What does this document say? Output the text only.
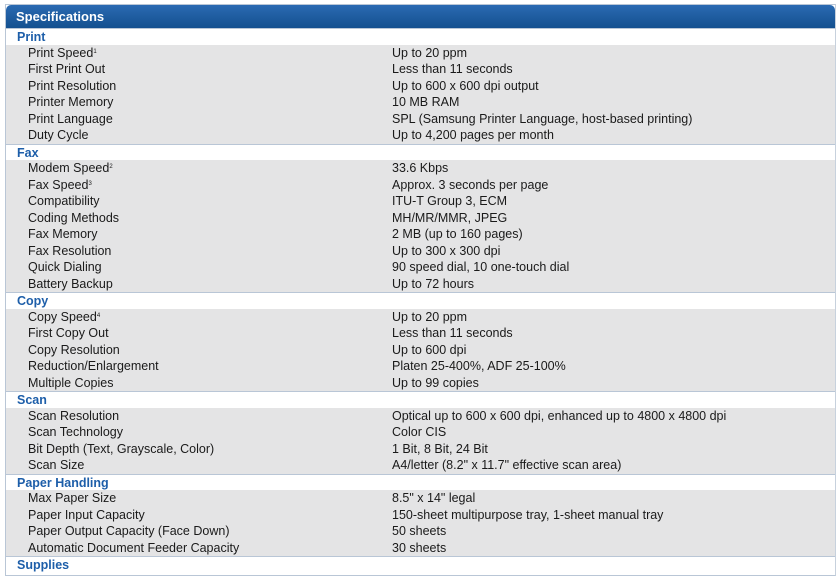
Specifications
Print
Print Speed$^1$	Up to 20 ppm
First Print Out	Less than 11 seconds
Print Resolution	Up to 600 x 600 dpi output
Printer Memory	10 MB RAM
Print Language	SPL (Samsung Printer Language, host-based printing)
Duty Cycle	Up to 4,200 pages per month
Fax
Modem Speed$^2$	33.6 Kbps
Fax Speed$^3$	Approx. 3 seconds per page
Compatibility	ITU-T Group 3, ECM
Coding Methods	MH/MR/MMR, JPEG
Fax Memory	2 MB (up to 160 pages)
Fax Resolution	Up to 300 x 300 dpi
Quick Dialing	90 speed dial, 10 one-touch dial
Battery Backup	Up to 72 hours
Copy
Copy Speed$^4$	Up to 20 ppm
First Copy Out	Less than 11 seconds
Copy Resolution	Up to 600 dpi
Reduction/Enlargement	Platen 25-400%, ADF 25-100%
Multiple Copies	Up to 99 copies
Scan
Scan Resolution	Optical up to 600 x 600 dpi, enhanced up to 4800 x 4800 dpi
Scan Technology	Color CIS
Bit Depth (Text, Grayscale, Color)	1 Bit, 8 Bit, 24 Bit
Scan Size	A4/letter (8.2" x 11.7" effective scan area)
Paper Handling
Max Paper Size	8.5" x 14" legal
Paper Input Capacity	150-sheet multipurpose tray, 1-sheet manual tray
Paper Output Capacity (Face Down)	50 sheets
Automatic Document Feeder Capacity	30 sheets
Supplies
